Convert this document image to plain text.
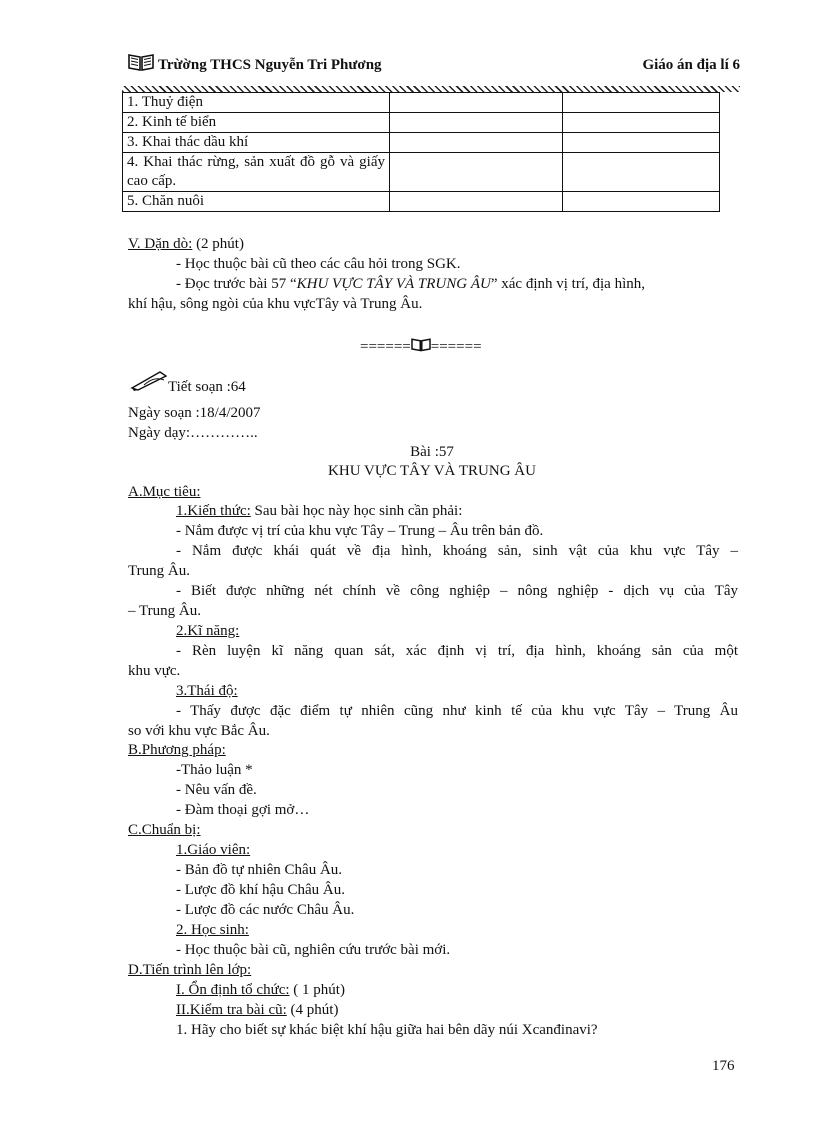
Trừờng THCS Nguyễn Tri Phương	Giáo án địa lí 6
1. Thuỷ điện		
2. Kinh tế biển		
3. Khai thác dầu khí		
4. Khai thác rừng, sản xuất đồ gỗ và giấy cao cấp.		
5. Chăn nuôi		
V. Dặn dò: (2 phút)
- Học thuộc bài cũ theo các câu hỏi trong SGK.
- Đọc trước bài 57 “KHU VỰC TÂY VÀ TRUNG ÂU” xác định vị trí, địa hình,
khí hậu, sông ngòi của khu vựcTây và Trung Âu.
====== ======
Tiết soạn :64
Ngày soạn :18/4/2007
Ngày dạy:…………..
Bài :57
KHU VỰC TÂY VÀ TRUNG ÂU
A.Mục tiêu:
1.Kiến thức: Sau bài học này học sinh cần phải:
- Nắm được vị trí của khu vực Tây – Trung – Âu trên bản đồ.
- Nắm được khái quát về địa hình, khoáng sản, sinh vật của khu vực Tây –
Trung Âu.
- Biết được những nét chính về công nghiệp – nông nghiệp - dịch vụ của Tây
– Trung Âu.
2.Kĩ năng:
- Rèn luyện kĩ năng quan sát, xác định vị trí, địa hình, khoáng sản của một
khu vực.
3.Thái độ:
- Thấy được đặc điểm tự nhiên cũng như kinh tế của khu vực Tây – Trung Âu
so với khu vực Bắc Âu.
B.Phương pháp:
-Thảo luận *
- Nêu vấn đề.
- Đàm thoại gợi mở…
C.Chuẩn bị:
1.Giáo viên:
- Bản đồ tự nhiên Châu Âu.
- Lược đồ khí hậu Châu Âu.
- Lược đồ các nước Châu Âu.
2. Học sinh:
- Học thuộc bài cũ, nghiên cứu trước bài mới.
D.Tiến trình lên lớp:
I. Ổn định tổ chức: ( 1 phút)
II.Kiểm tra bài cũ: (4 phút)
1. Hãy cho biết sự khác biệt khí hậu giữa hai bên dãy núi Xcanđinavi?
176
